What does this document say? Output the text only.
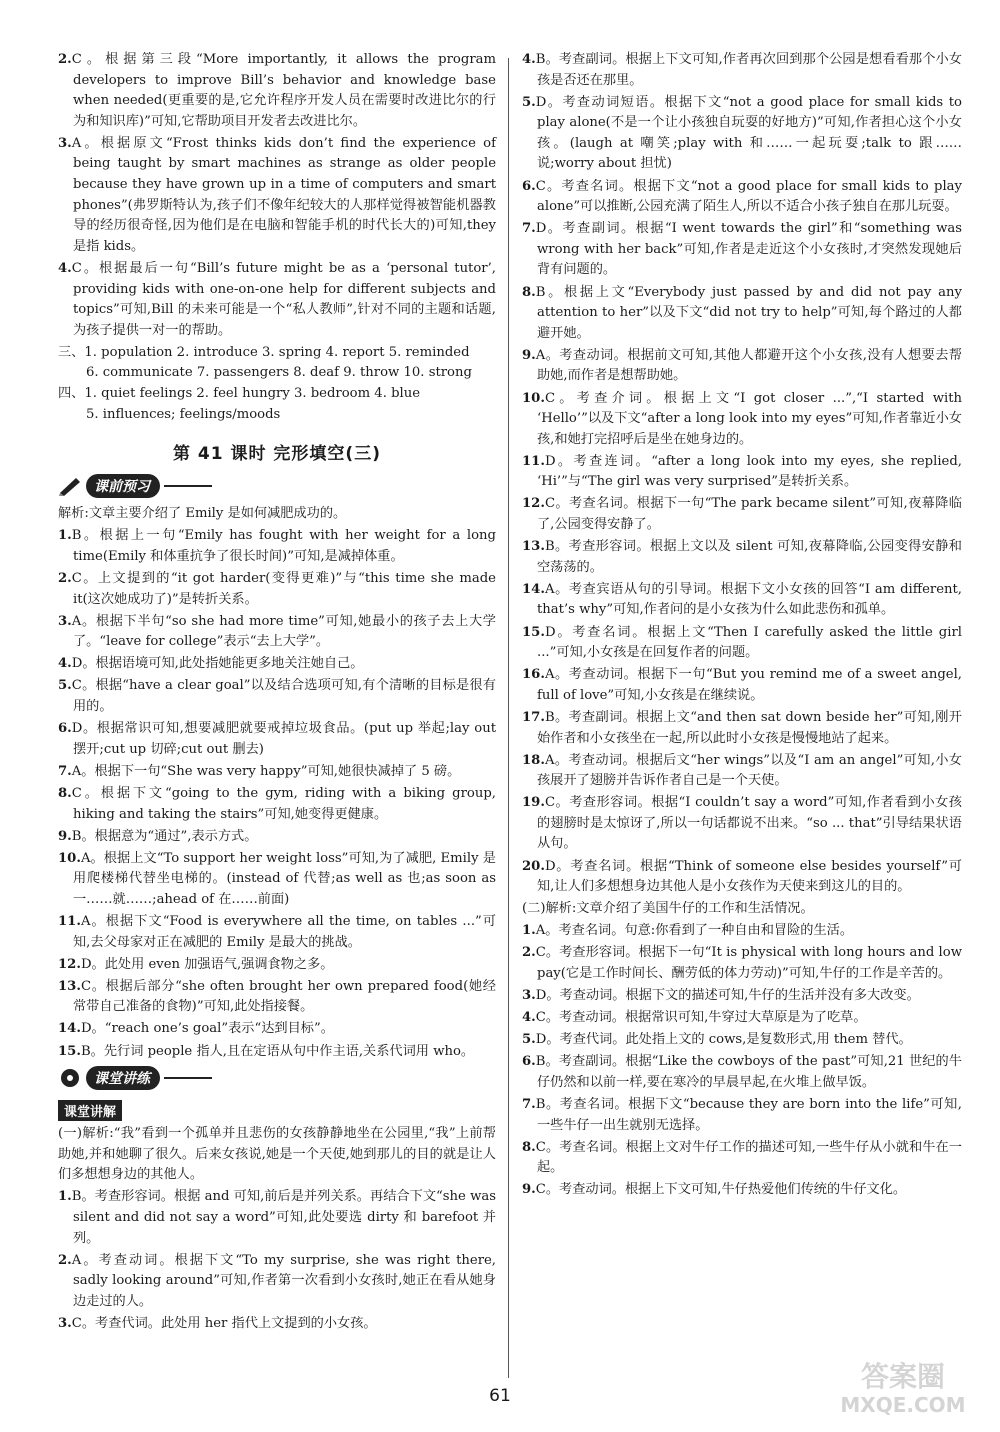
2.C。根据第三段“More importantly, it allows the program developers to improve Bill’s behavior and knowledge base when needed(更重要的是,它允许程序开发人员在需要时改进比尔的行为和知识库)”可知,它帮助项目开发者去改进比尔。

3.A。根据原文“Frost thinks kids don’t find the experience of being taught by smart machines as strange as older people because they have grown up in a time of computers and smart phones”(弗罗斯特认为,孩子们不像年纪较大的人那样觉得被智能机器教导的经历很奇怪,因为他们是在电脑和智能手机的时代长大的)可知,they 是指 kids。

4.C。根据最后一句“Bill’s future might be as a ‘personal tutor’, providing kids with one-on-one help for different subjects and topics”可知,Bill 的未来可能是一个“私人教师”,针对不同的主题和话题,为孩子提供一对一的帮助。

三、1. population 2. introduce 3. spring 4. report 5. reminded

6. communicate 7. passengers 8. deaf 9. throw 10. strong

四、1. quiet feelings 2. feel hungry 3. bedroom 4. blue

5. influences; feelings/moods

第 41 课时 完形填空(三)
课前预习

解析:文章主要介绍了 Emily 是如何减肥成功的。

1.B。根据上一句“Emily has fought with her weight for a long time(Emily 和体重抗争了很长时间)”可知,是减掉体重。

2.C。上文提到的“it got harder(变得更难)”与“this time she made it(这次她成功了)”是转折关系。

3.A。根据下半句“so she had more time”可知,她最小的孩子去上大学了。“leave for college”表示“去上大学”。

4.D。根据语境可知,此处指她能更多地关注她自己。

5.C。根据“have a clear goal”以及结合选项可知,有个清晰的目标是很有用的。

6.D。根据常识可知,想要减肥就要戒掉垃圾食品。(put up 举起;lay out 摆开;cut up 切碎;cut out 删去)

7.A。根据下一句“She was very happy”可知,她很快减掉了 5 磅。

8.C。根据下文“going to the gym, riding with a biking group, hiking and taking the stairs”可知,她变得更健康。

9.B。根据意为“通过”,表示方式。

10.A。根据上文“To support her weight loss”可知,为了减肥, Emily 是用爬楼梯代替坐电梯的。(instead of 代替;as well as 也;as soon as 一……就……;ahead of 在……前面)

11.A。根据下文“Food is everywhere all the time, on tables ...”可知,去父母家对正在减肥的 Emily 是最大的挑战。

12.D。此处用 even 加强语气,强调食物之多。

13.C。根据后部分“she often brought her own prepared food(她经常带自己准备的食物)”可知,此处指接餐。

14.D。“reach one’s goal”表示“达到目标”。

15.B。先行词 people 指人,且在定语从句中作主语,关系代词用 who。

课堂讲练
课堂讲解

(一)解析:“我”看到一个孤单并且悲伤的女孩静静地坐在公园里,“我”上前帮助她,并和她聊了很久。后来女孩说,她是一个天使,她到那儿的目的就是让人们多想想身边的其他人。

1.B。考查形容词。根据 and 可知,前后是并列关系。再结合下文“she was silent and did not say a word”可知,此处要选 dirty 和 barefoot 并列。

2.A。考查动词。根据下文“To my surprise, she was right there, sadly looking around”可知,作者第一次看到小女孩时,她正在看从她身边走过的人。

3.C。考查代词。此处用 her 指代上文提到的小女孩。

4.B。考查副词。根据上下文可知,作者再次回到那个公园是想看看那个小女孩是否还在那里。

5.D。考查动词短语。根据下文“not a good place for small kids to play alone(不是一个让小孩独自玩耍的好地方)”可知,作者担心这个小女孩。(laugh at 嘲笑;play with 和……一起玩耍;talk to 跟……说;worry about 担忧)

6.C。考查名词。根据下文“not a good place for small kids to play alone”可以推断,公园充满了陌生人,所以不适合小孩子独自在那儿玩耍。

7.D。考查副词。根据“I went towards the girl”和“something was wrong with her back”可知,作者是走近这个小女孩时,才突然发现她后背有问题的。

8.B。根据上文“Everybody just passed by and did not pay any attention to her”以及下文“did not try to help”可知,每个路过的人都避开她。

9.A。考查动词。根据前文可知,其他人都避开这个小女孩,没有人想要去帮助她,而作者是想帮助她。

10.C。考查介词。根据上文“I got closer ...”,“I started with ‘Hello’”以及下文“after a long look into my eyes”可知,作者靠近小女孩,和她打完招呼后是坐在她身边的。

11.D。考查连词。“after a long look into my eyes, she replied, ‘Hi’”与“The girl was very surprised”是转折关系。

12.C。考查名词。根据下一句“The park became silent”可知,夜幕降临了,公园变得安静了。

13.B。考查形容词。根据上文以及 silent 可知,夜幕降临,公园变得安静和空荡荡的。

14.A。考查宾语从句的引导词。根据下文小女孩的回答“I am different, that’s why”可知,作者问的是小女孩为什么如此悲伤和孤单。

15.D。考查名词。根据上文“Then I carefully asked the little girl ...”可知,小女孩是在回复作者的问题。

16.A。考查动词。根据下一句“But you remind me of a sweet angel, full of love”可知,小女孩是在继续说。

17.B。考查副词。根据上文“and then sat down beside her”可知,刚开始作者和小女孩坐在一起,所以此时小女孩是慢慢地站了起来。

18.A。考查动词。根据后文“her wings”以及“I am an angel”可知,小女孩展开了翅膀并告诉作者自己是一个天使。

19.C。考查形容词。根据“I couldn’t say a word”可知,作者看到小女孩的翅膀时是太惊讶了,所以一句话都说不出来。“so ... that”引导结果状语从句。

20.D。考查名词。根据“Think of someone else besides yourself”可知,让人们多想想身边其他人是小女孩作为天使来到这儿的目的。

(二)解析:文章介绍了美国牛仔的工作和生活情况。

1.A。考查名词。句意:你看到了一种自由和冒险的生活。

2.C。考查形容词。根据下一句“It is physical with long hours and low pay(它是工作时间长、酬劳低的体力劳动)”可知,牛仔的工作是辛苦的。

3.D。考查动词。根据下文的描述可知,牛仔的生活并没有多大改变。

4.C。考查动词。根据常识可知,牛穿过大草原是为了吃草。

5.D。考查代词。此处指上文的 cows,是复数形式,用 them 替代。

6.B。考查副词。根据“Like the cowboys of the past”可知,21 世纪的牛仔仍然和以前一样,要在寒冷的早晨早起,在火堆上做早饭。

7.B。考查名词。根据下文“because they are born into the life”可知,一些牛仔一出生就别无选择。

8.C。考查名词。根据上文对牛仔工作的描述可知,一些牛仔从小就和牛在一起。

9.C。考查动词。根据上下文可知,牛仔热爱他们传统的牛仔文化。

61
答案圈
MXQE.COM
